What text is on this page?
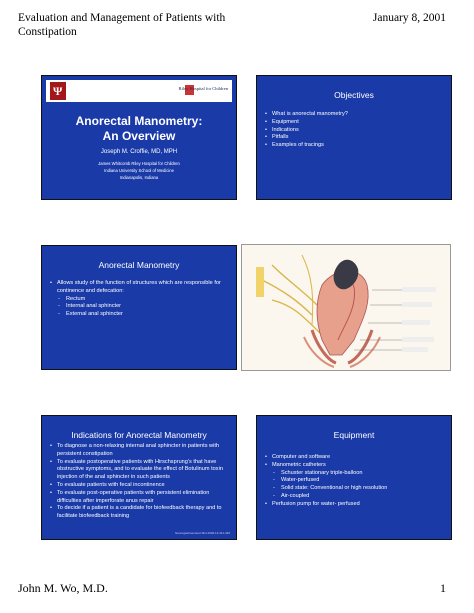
Evaluation and Management of Patients with Constipation
January 8, 2001
Ψ	Riley Hospital for Children
Anorectal Manometry:
An Overview
Joseph M. Croffie, MD, MPH
James Whitcomb Riley Hospital for Children
Indiana University School of Medicine
Indianapolis, Indiana
Objectives
• What is anorectal manometry?
• Equipment
• Indications
• Pitfalls
• Examples of tracings
Anorectal Manometry
• Allows study of the function of structures which are responsible for continence and defecation:
- Rectum
- Internal anal sphincter
- External anal sphincter
Indications for Anorectal Manometry
• To diagnose a non-relaxing internal anal sphincter in patients with persistent constipation
• To evaluate postoperative patients with Hirschsprung’s that have obstructive symptoms, and to evaluate the effect of Botulinum toxin injection of the anal sphincter in such patients
• To evaluate patients with fecal incontinence
• To evaluate post-operative patients with persistent elimination difficulties after imperforate anus repair
• To decide if a patient is a candidate for biofeedback therapy and to facilitate biofeedback training
Neurogastroenterol Mot 2002;14:411-420
Equipment
• Computer and software
• Manometric catheters
- Schuster stationary triple-balloon
- Water-perfused
- Solid state: Conventional or high resolution
- Air-coupled
• Perfusion pump for water- perfused
John M. Wo, M.D.	1
